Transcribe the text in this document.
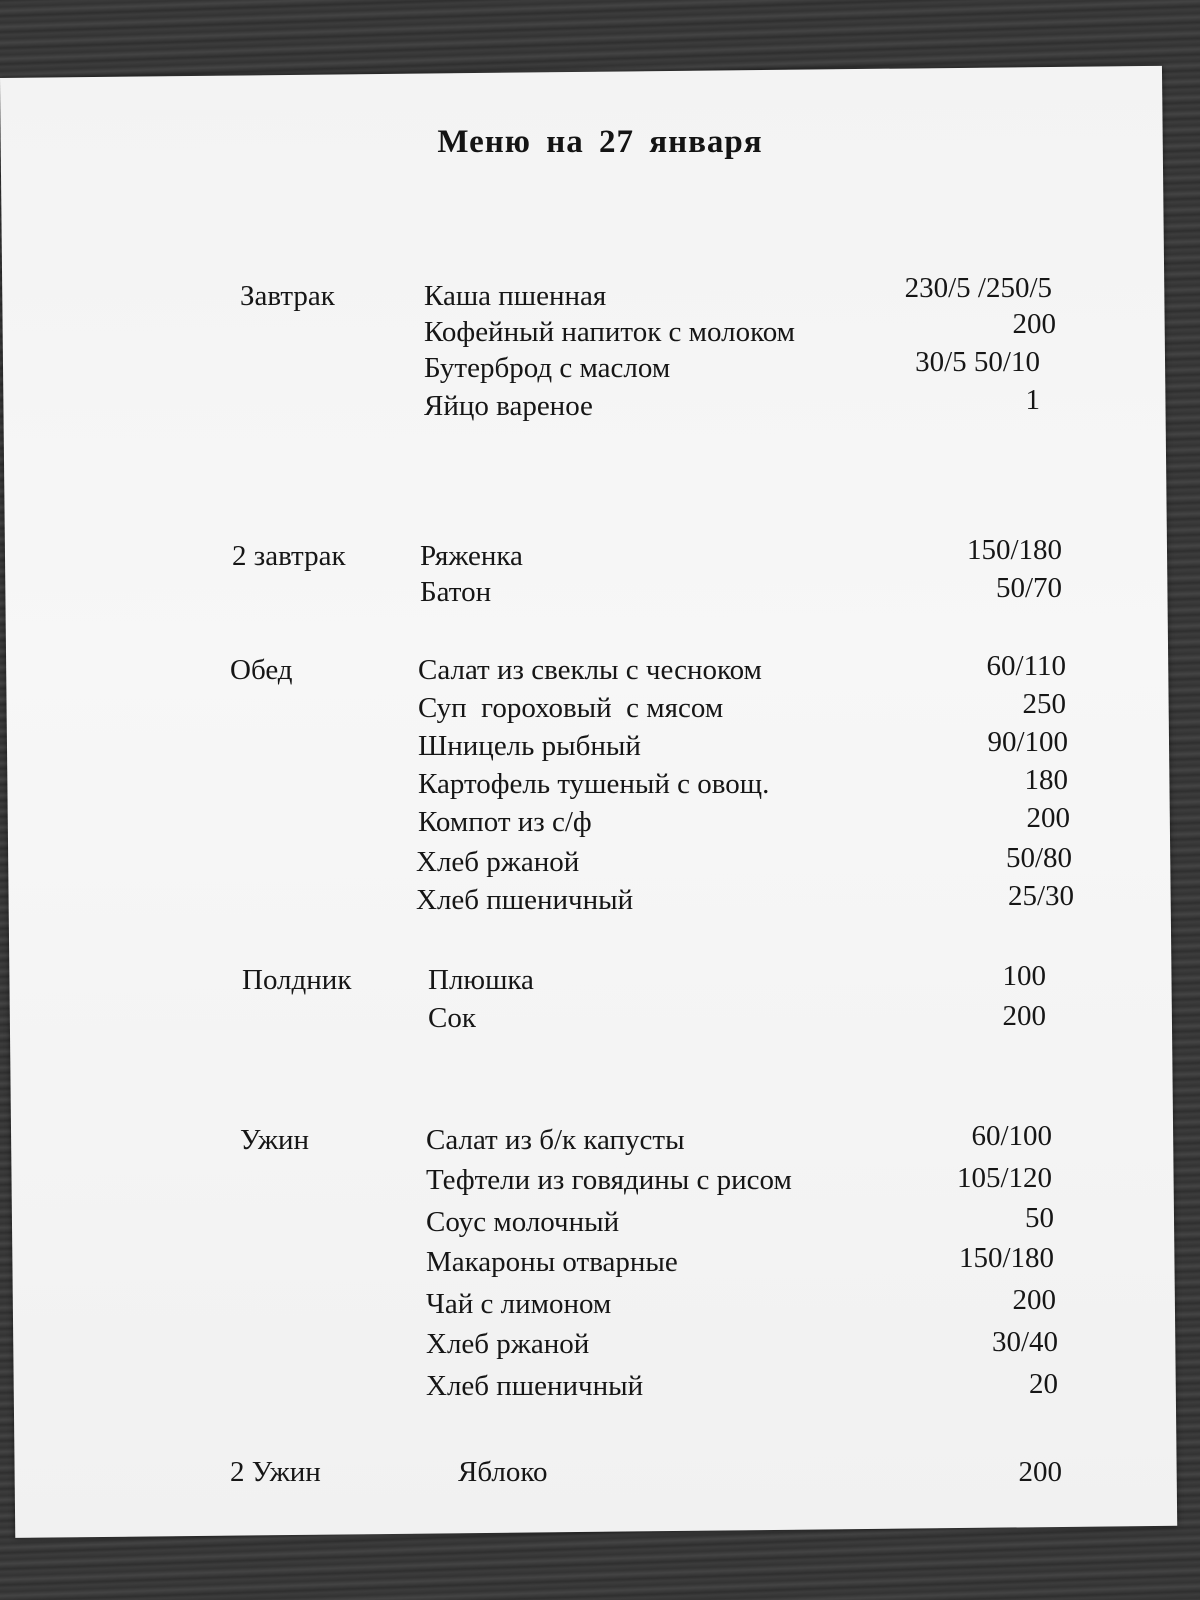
Меню на 27 января
Завтрак	Каша пшенная	230/5 /250/5
Кофейный напиток с молоком	200
Бутерброд с маслом	30/5 50/10
Яйцо вареное	1
2 завтрак	Ряженка	150/180
Батон	50/70
Обед	Салат из свеклы с чесноком	60/110
Суп  гороховый  с мясом	250
Шницель рыбный	90/100
Картофель тушеный с овощ.	180
Компот из с/ф	200
Хлеб ржаной	50/80
Хлеб пшеничный	25/30
Полдник	Плюшка	100
Сок	200
Ужин	Салат из б/к капусты	60/100
Тефтели из говядины с рисом	105/120
Соус молочный	50
Макароны отварные	150/180
Чай с лимоном	200
Хлеб ржаной	30/40
Хлеб пшеничный	20
2 Ужин	Яблоко	200
